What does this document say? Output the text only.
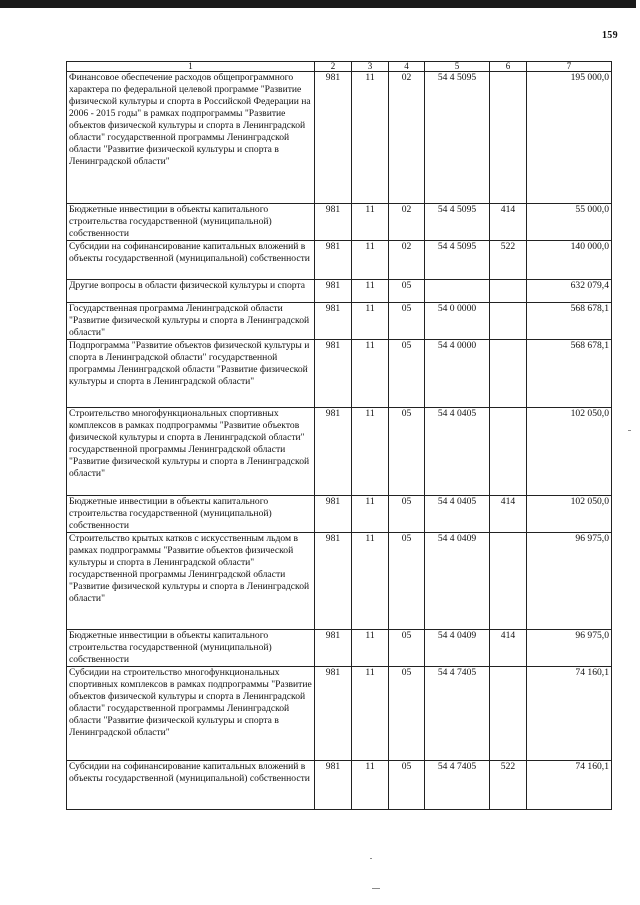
159
1	2	3	4	5	6	7
Финансовое обеспечение расходов общепрограммного характера по федеральной целевой программе "Развитие физической культуры и спорта в Российской Федерации на 2006 - 2015 годы" в рамках подпрограммы "Развитие объектов физической культуры и спорта в Ленинградской области" государственной программы Ленинградской области "Развитие физической культуры и спорта в Ленинградской области"	981	11	02	54 4 5095		195 000,0
Бюджетные инвестиции в объекты капитального строительства государственной (муниципальной) собственности	981	11	02	54 4 5095	414	55 000,0
Субсидии на софинансирование капитальных вложений в объекты государственной (муниципальной) собственности	981	11	02	54 4 5095	522	140 000,0
Другие вопросы в области физической культуры и спорта	981	11	05			632 079,4
Государственная программа Ленинградской области "Развитие физической культуры и спорта в Ленинградской области"	981	11	05	54 0 0000		568 678,1
Подпрограмма "Развитие объектов физической культуры и спорта в Ленинградской области" государственной программы Ленинградской области "Развитие физической культуры и спорта в Ленинградской области"	981	11	05	54 4 0000		568 678,1
Строительство многофункциональных спортивных комплексов в рамках подпрограммы "Развитие объектов физической культуры и спорта в Ленинградской области" государственной программы Ленинградской области "Развитие физической культуры и спорта в Ленинградской области"	981	11	05	54 4 0405		102 050,0
Бюджетные инвестиции в объекты капитального строительства государственной (муниципальной) собственности	981	11	05	54 4 0405	414	102 050,0
Строительство крытых катков с искусственным льдом в рамках подпрограммы "Развитие объектов физической культуры и спорта в Ленинградской области" государственной программы Ленинградской области "Развитие физической культуры и спорта в Ленинградской области"	981	11	05	54 4 0409		96 975,0
Бюджетные инвестиции в объекты капитального строительства государственной (муниципальной) собственности	981	11	05	54 4 0409	414	96 975,0
Субсидии на строительство многофункциональных спортивных комплексов в рамках подпрограммы "Развитие объектов физической культуры и спорта в Ленинградской области" государственной программы Ленинградской области "Развитие физической культуры и спорта в Ленинградской области"	981	11	05	54 4 7405		74 160,1
Субсидии на софинансирование капитальных вложений в объекты государственной (муниципальной) собственности	981	11	05	54 4 7405	522	74 160,1
